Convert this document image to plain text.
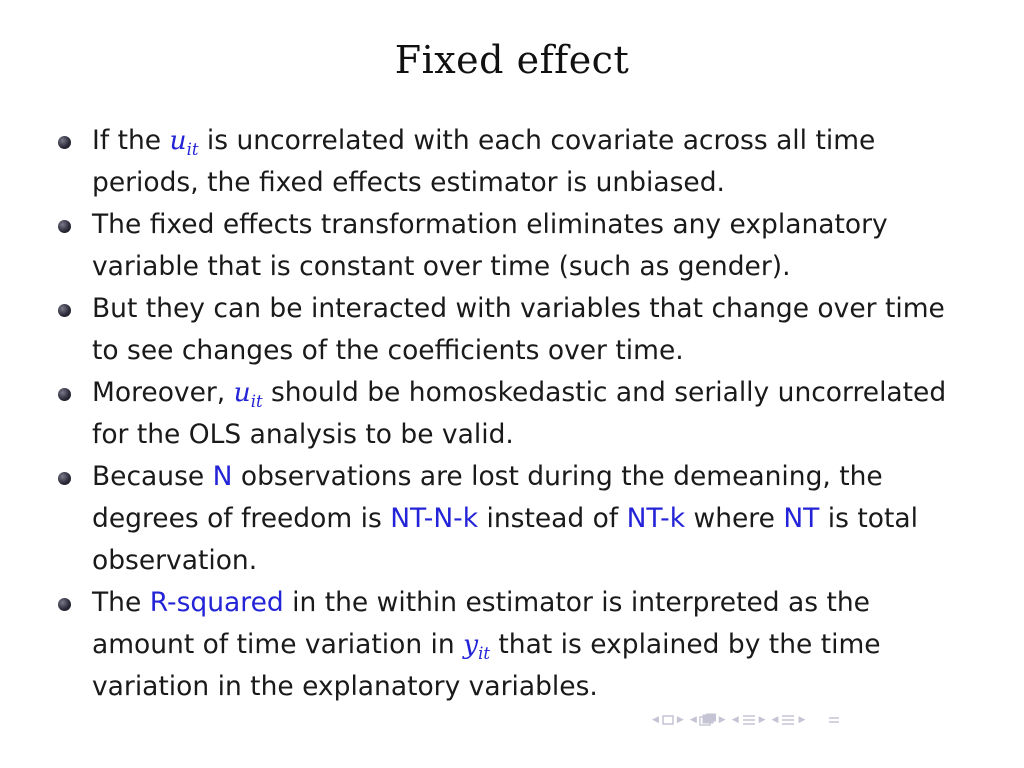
Fixed effect
If the $u_{it}$ is uncorrelated with each covariate across all time periods, the fixed effects estimator is unbiased.
The fixed effects transformation eliminates any explanatory variable that is constant over time (such as gender).
But they can be interacted with variables that change over time to see changes of the coefficients over time.
Moreover, $u_{it}$ should be homoskedastic and serially uncorrelated for the OLS analysis to be valid.
Because N observations are lost during the demeaning, the degrees of freedom is NT-N-k instead of NT-k where NT is total observation.
The R-squared in the within estimator is interpreted as the amount of time variation in $y_{it}$ that is explained by the time variation in the explanatory variables.
◀ ▶ ◀ ▶ ◀ ▶ ◀ ▶
